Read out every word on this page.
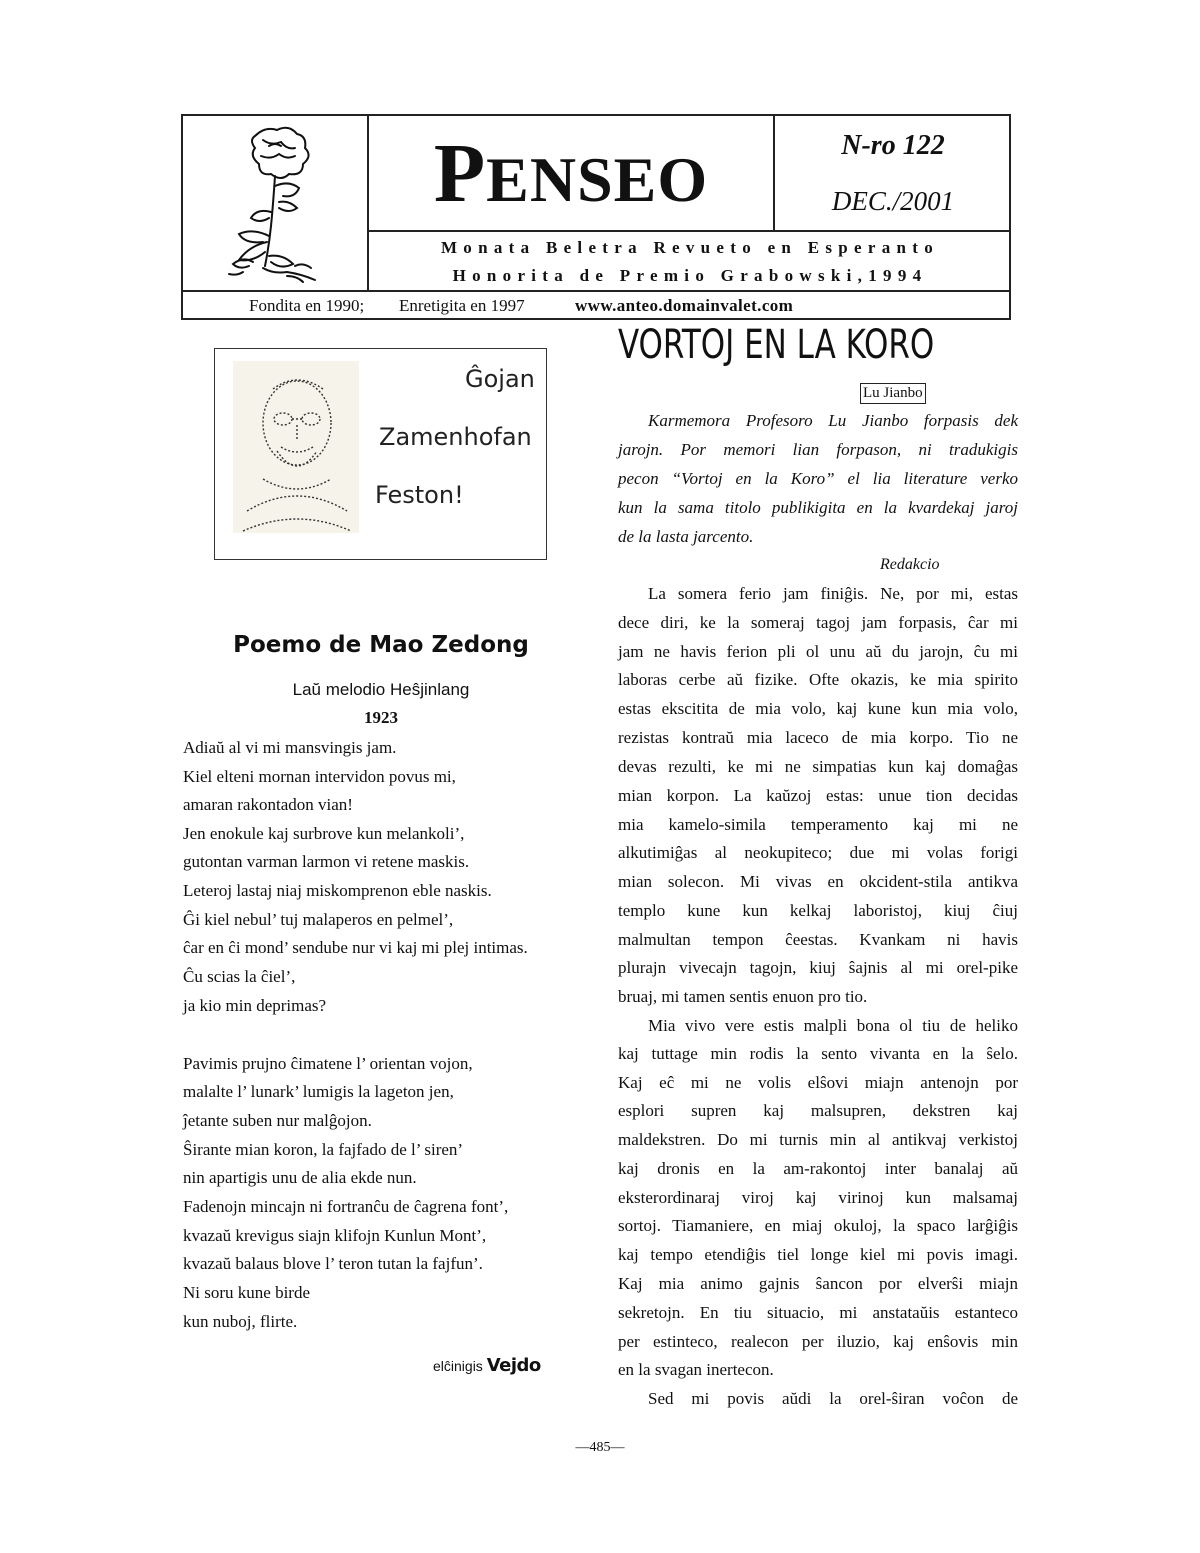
PENSEO	N-ro 122
DEC./2001
Monata Beletra Revueto en Esperanto
Honorita de Premio Grabowski,1994
Fondita en 1990; Enretigita en 1997	www.anteo.domainvalet.com
Ĝojan
Zamenhofan
Feston!
Poemo de Mao Zedong
Laŭ melodio Heŝjinlang
1923
Adiaŭ al vi mi mansvingis jam.
Kiel elteni mornan intervidon povus mi,
amaran rakontadon vian!
Jen enokule kaj surbrove kun melankoli’,
gutontan varman larmon vi retene maskis.
Leteroj lastaj niaj miskomprenon eble naskis.
Ĝi kiel nebul’ tuj malaperos en pelmel’,
ĉar en ĉi mond’ sendube nur vi kaj mi plej intimas.
Ĉu scias la ĉiel’,
ja kio min deprimas?
Pavimis prujno ĉimatene l’ orientan vojon,
malalte l’ lunark’ lumigis la lageton jen,
ĵetante suben nur malĝojon.
Ŝirante mian koron, la fajfado de l’ siren’
nin apartigis unu de alia ekde nun.
Fadenojn mincajn ni fortranĉu de ĉagrena font’,
kvazaŭ krevigus siajn klifojn Kunlun Mont’,
kvazaŭ balaus blove l’ teron tutan la fajfun’.
Ni soru kune birde
kun nuboj, flirte.
elĉinigis Vejdo
VORTOJ EN LA KORO
Lu Jianbo
Karmemora Profesoro Lu Jianbo forpasis dek
jarojn. Por memori lian forpason, ni tradukigis
pecon “Vortoj en la Koro” el lia literature verko
kun la sama titolo publikigita en la kvardekaj jaroj
de la lasta jarcento.
Redakcio
La somera ferio jam finiĝis. Ne, por mi, estas
dece diri, ke la someraj tagoj jam forpasis, ĉar mi
jam ne havis ferion pli ol unu aŭ du jarojn, ĉu mi
laboras cerbe aŭ fizike. Ofte okazis, ke mia spirito
estas ekscitita de mia volo, kaj kune kun mia volo,
rezistas kontraŭ mia laceco de mia korpo. Tio ne
devas rezulti, ke mi ne simpatias kun kaj domaĝas
mian korpon. La kaŭzoj estas: unue tion decidas
mia kamelo-simila temperamento kaj mi ne
alkutimiĝas al neokupiteco; due mi volas forigi
mian solecon. Mi vivas en okcident-stila antikva
templo kune kun kelkaj laboristoj, kiuj ĉiuj
malmultan tempon ĉeestas. Kvankam ni havis
plurajn vivecajn tagojn, kiuj ŝajnis al mi orel-pike
bruaj, mi tamen sentis enuon pro tio.
Mia vivo vere estis malpli bona ol tiu de heliko
kaj tuttage min rodis la sento vivanta en la ŝelo.
Kaj eĉ mi ne volis elŝovi miajn antenojn por
esplori supren kaj malsupren, dekstren kaj
maldekstren. Do mi turnis min al antikvaj verkistoj
kaj dronis en la am-rakontoj inter banalaj aŭ
eksterordinaraj viroj kaj virinoj kun malsamaj
sortoj. Tiamaniere, en miaj okuloj, la spaco larĝiĝis
kaj tempo etendiĝis tiel longe kiel mi povis imagi.
Kaj mia animo gajnis ŝancon por elverŝi miajn
sekretojn. En tiu situacio, mi anstataŭis estanteco
per estinteco, realecon per iluzio, kaj enŝovis min
en la svagan inertecon.
Sed mi povis aŭdi la orel-ŝiran voĉon de
—485—
